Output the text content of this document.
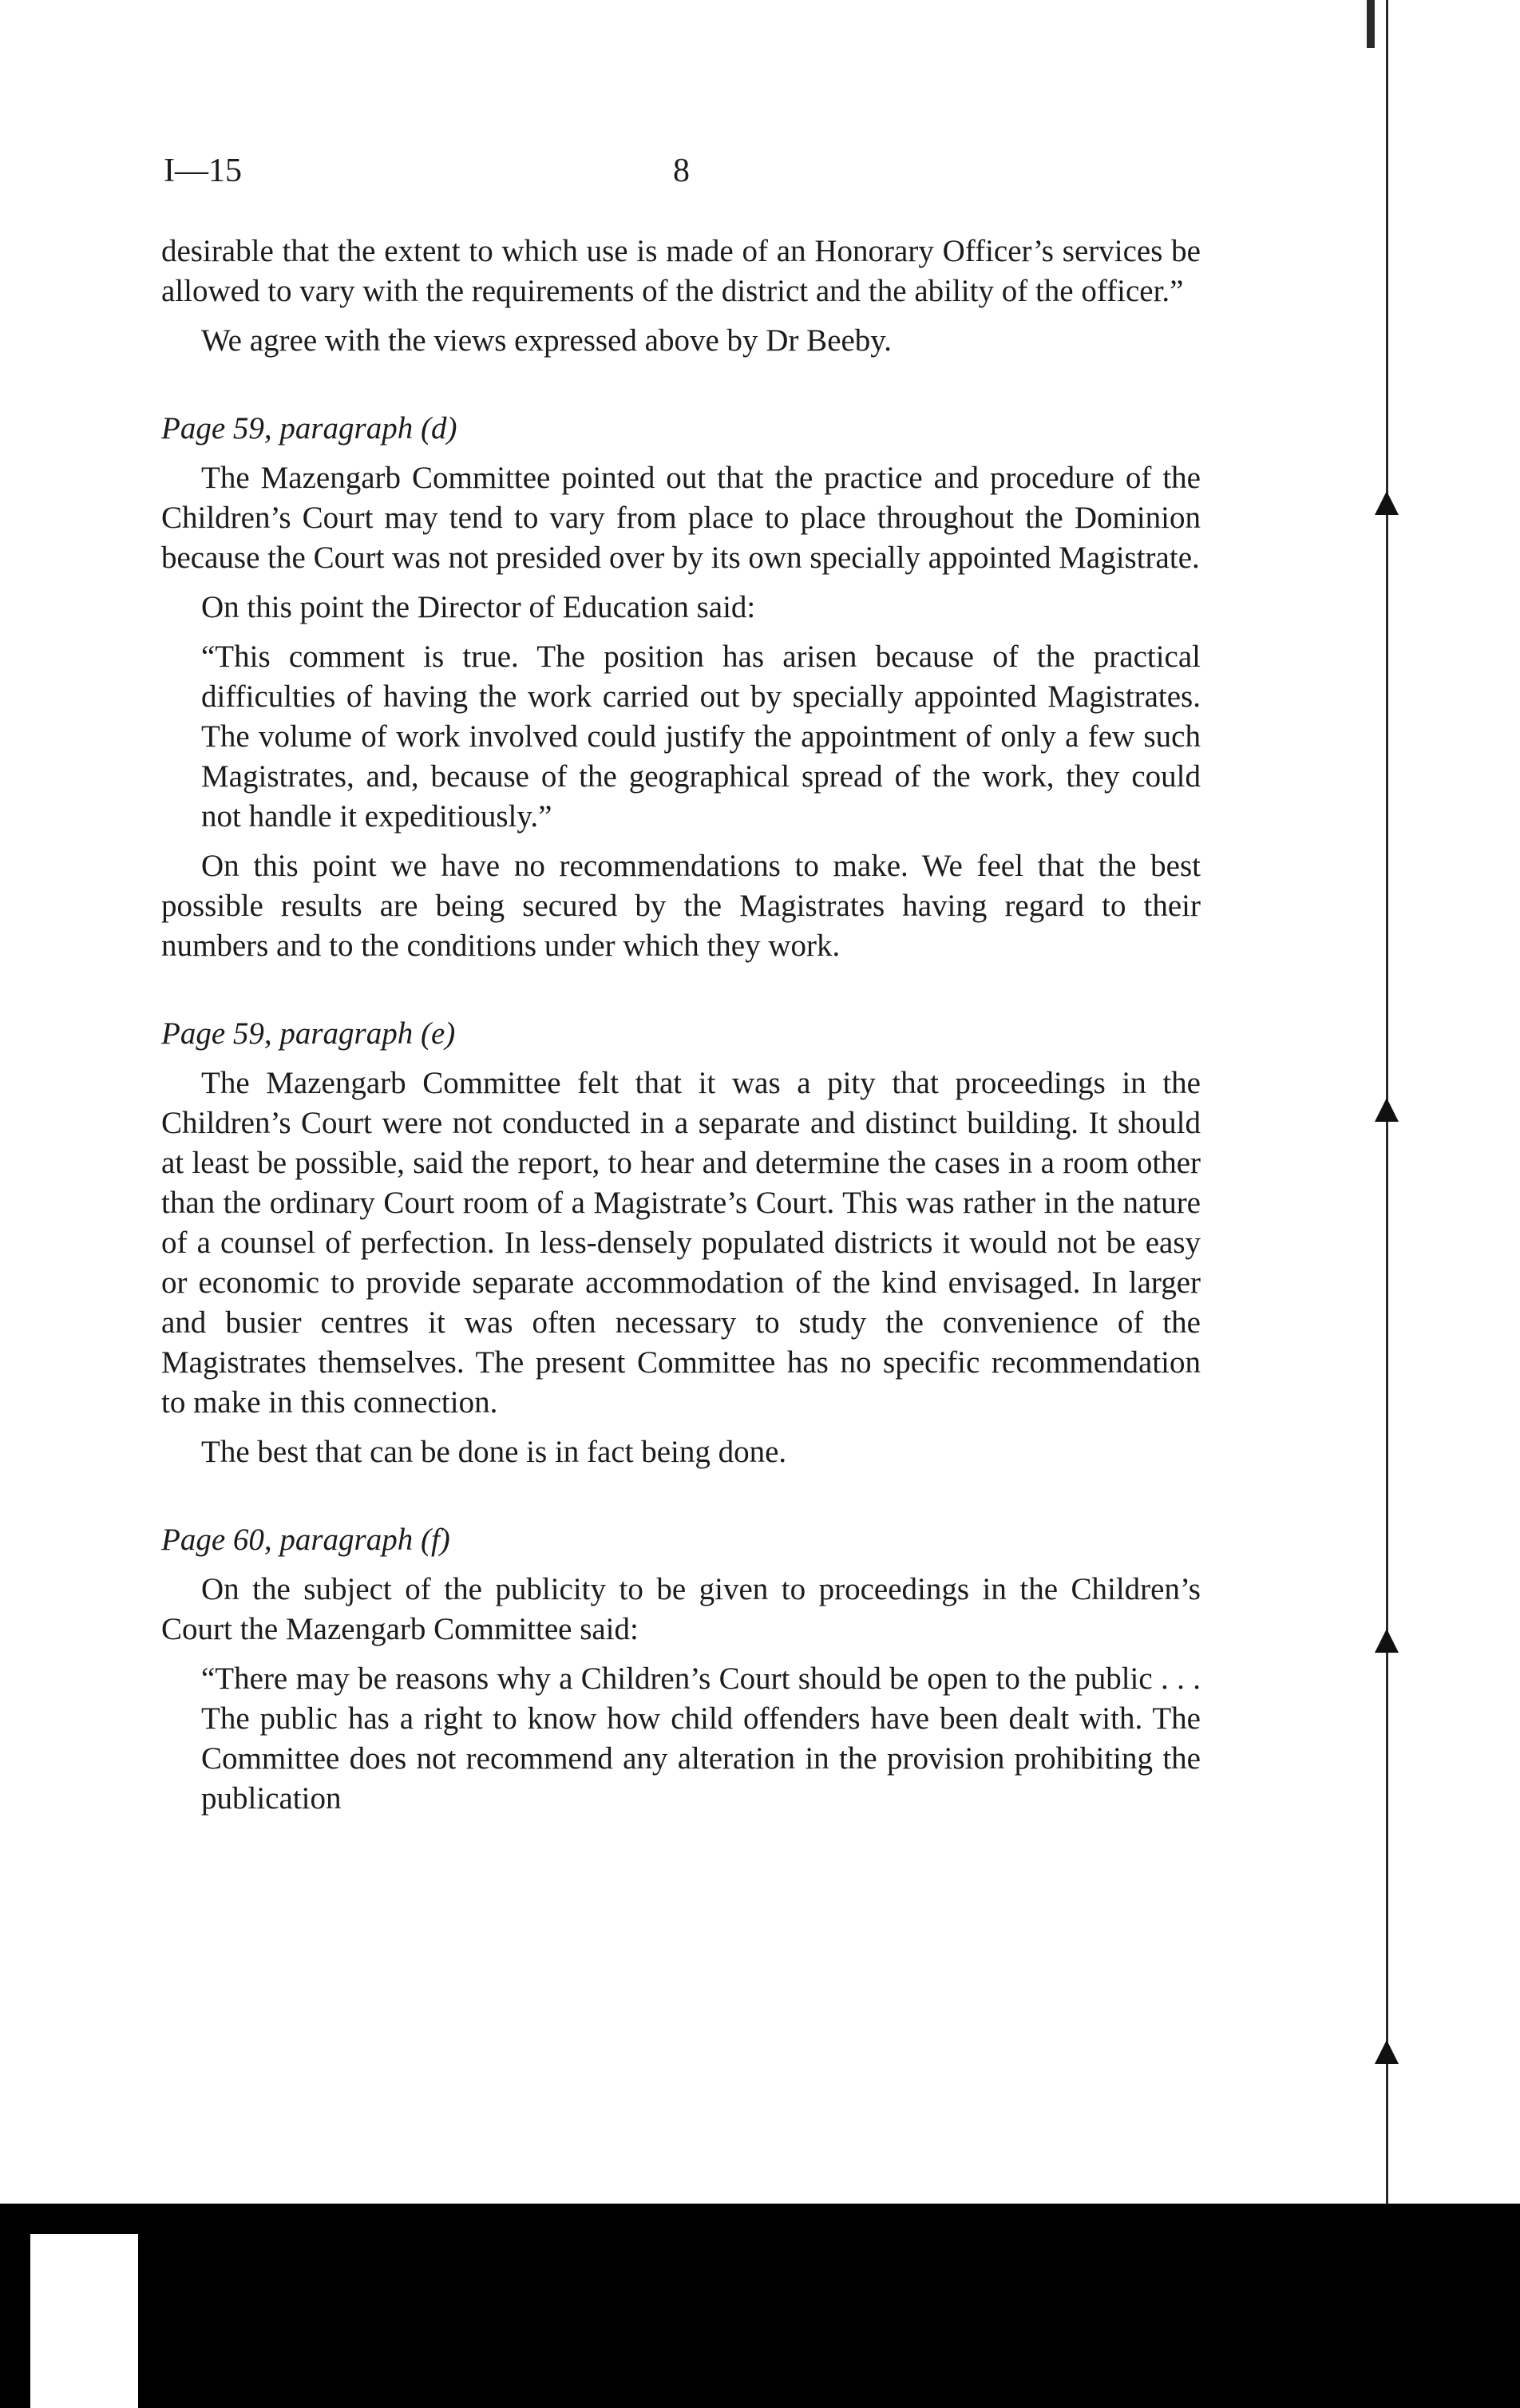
I—15	8

desirable that the extent to which use is made of an Honorary Officer’s services be allowed to vary with the requirements of the district and the ability of the officer.”

We agree with the views expressed above by Dr Beeby.

Page 59, paragraph (d)

The Mazengarb Committee pointed out that the practice and procedure of the Children’s Court may tend to vary from place to place throughout the Dominion because the Court was not presided over by its own specially appointed Magistrate.

On this point the Director of Education said:

“This comment is true. The position has arisen because of the practical difficulties of having the work carried out by specially appointed Magistrates. The volume of work involved could justify the appointment of only a few such Magistrates, and, because of the geographical spread of the work, they could not handle it expeditiously.”

On this point we have no recommendations to make. We feel that the best possible results are being secured by the Magistrates having regard to their numbers and to the conditions under which they work.

Page 59, paragraph (e)

The Mazengarb Committee felt that it was a pity that proceedings in the Children’s Court were not conducted in a separate and distinct building. It should at least be possible, said the report, to hear and determine the cases in a room other than the ordinary Court room of a Magistrate’s Court. This was rather in the nature of a counsel of perfection. In less-densely populated districts it would not be easy or economic to provide separate accommodation of the kind envisaged. In larger and busier centres it was often necessary to study the convenience of the Magistrates themselves. The present Committee has no specific recommendation to make in this connection.

The best that can be done is in fact being done.

Page 60, paragraph (f)

On the subject of the publicity to be given to proceedings in the Children’s Court the Mazengarb Committee said:

“There may be reasons why a Children’s Court should be open to the public . . . The public has a right to know how child offenders have been dealt with. The Committee does not recommend any alteration in the provision prohibiting the publication
